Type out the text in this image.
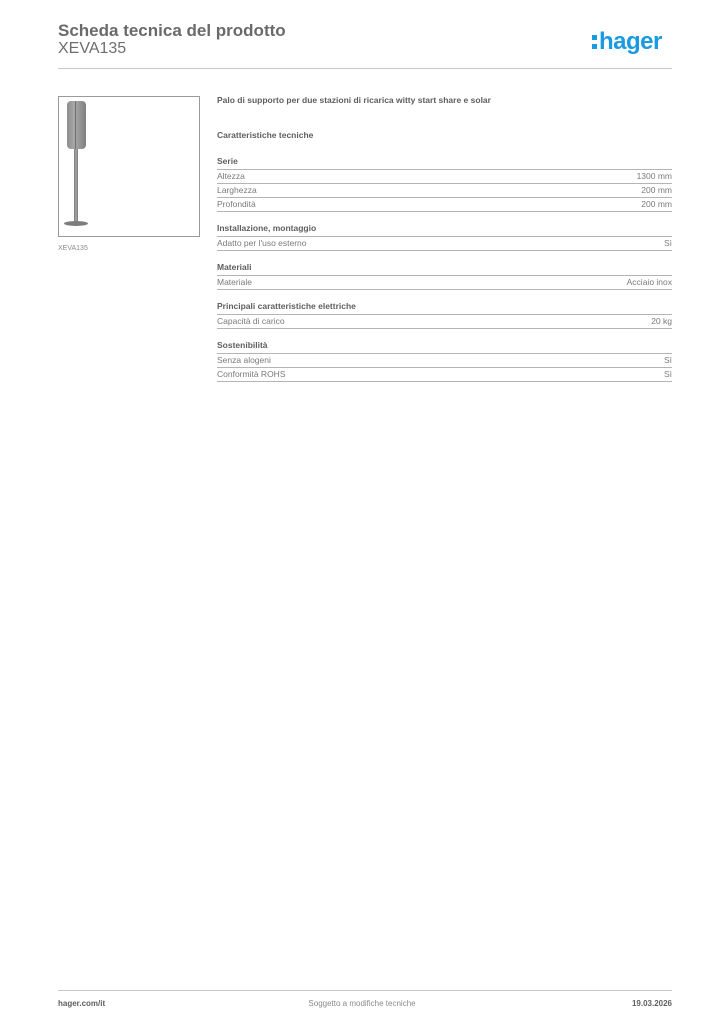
Scheda tecnica del prodotto
XEVA135	hager
XEVA135
Palo di supporto per due stazioni di ricarica witty start share e solar
Caratteristiche tecniche
Serie
Altezza	1300 mm
Larghezza	200 mm
Profondità	200 mm
Installazione, montaggio
Adatto per l'uso esterno	Sì
Materiali
Materiale	Acciaio inox
Principali caratteristiche elettriche
Capacità di carico	20 kg
Sostenibilità
Senza alogeni	Sì
Conformità ROHS	Sì
hager.com/it	Soggetto a modifiche tecniche	19.03.2026
